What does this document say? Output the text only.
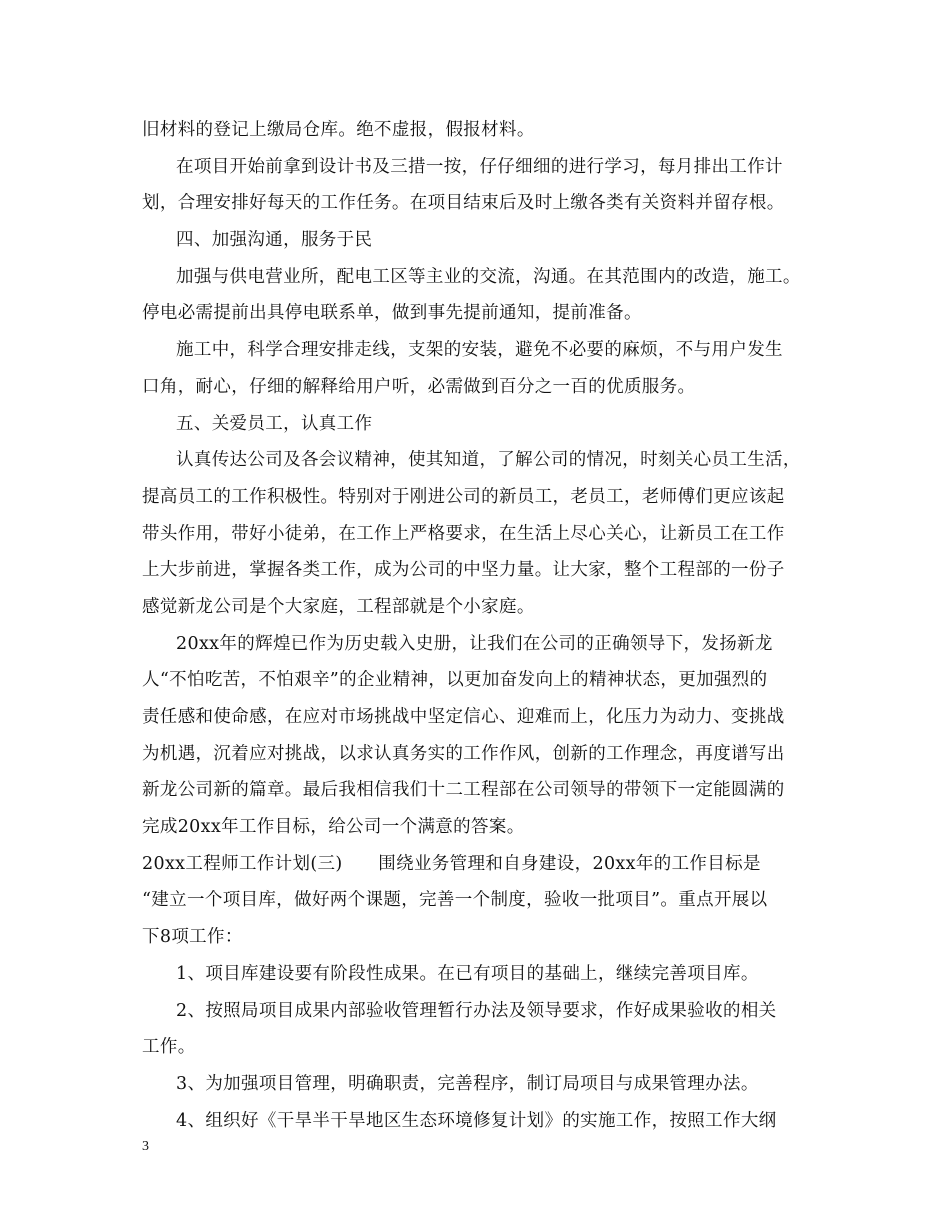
旧材料的登记上缴局仓库。绝不虚报，假报材料。
在项目开始前拿到设计书及三措一按，仔仔细细的进行学习，每月排出工作计
划，合理安排好每天的工作任务。在项目结束后及时上缴各类有关资料并留存根。
四、加强沟通，服务于民
加强与供电营业所，配电工区等主业的交流，沟通。在其范围内的改造，施工。
停电必需提前出具停电联系单，做到事先提前通知，提前准备。
施工中，科学合理安排走线，支架的安装，避免不必要的麻烦，不与用户发生
口角，耐心，仔细的解释给用户听，必需做到百分之一百的优质服务。
五、关爱员工，认真工作
认真传达公司及各会议精神，使其知道，了解公司的情况，时刻关心员工生活，
提高员工的工作积极性。特别对于刚进公司的新员工，老员工，老师傅们更应该起
带头作用，带好小徒弟，在工作上严格要求，在生活上尽心关心，让新员工在工作
上大步前进，掌握各类工作，成为公司的中坚力量。让大家，整个工程部的一份子
感觉新龙公司是个大家庭，工程部就是个小家庭。
20xx年的辉煌已作为历史载入史册，让我们在公司的正确领导下，发扬新龙
人“不怕吃苦，不怕艰辛”的企业精神，以更加奋发向上的精神状态，更加强烈的
责任感和使命感，在应对市场挑战中坚定信心、迎难而上，化压力为动力、变挑战
为机遇，沉着应对挑战，以求认真务实的工作作风，创新的工作理念，再度谱写出
新龙公司新的篇章。最后我相信我们十二工程部在公司领导的带领下一定能圆满的
完成20xx年工作目标，给公司一个满意的答案。
20xx工程师工作计划(三)　　围绕业务管理和自身建设，20xx年的工作目标是
“建立一个项目库，做好两个课题，完善一个制度，验收一批项目”。重点开展以
下8项工作：
1、项目库建设要有阶段性成果。在已有项目的基础上，继续完善项目库。
2、按照局项目成果内部验收管理暂行办法及领导要求，作好成果验收的相关
工作。
3、为加强项目管理，明确职责，完善程序，制订局项目与成果管理办法。
4、组织好《干旱半干旱地区生态环境修复计划》的实施工作，按照工作大纲
3
